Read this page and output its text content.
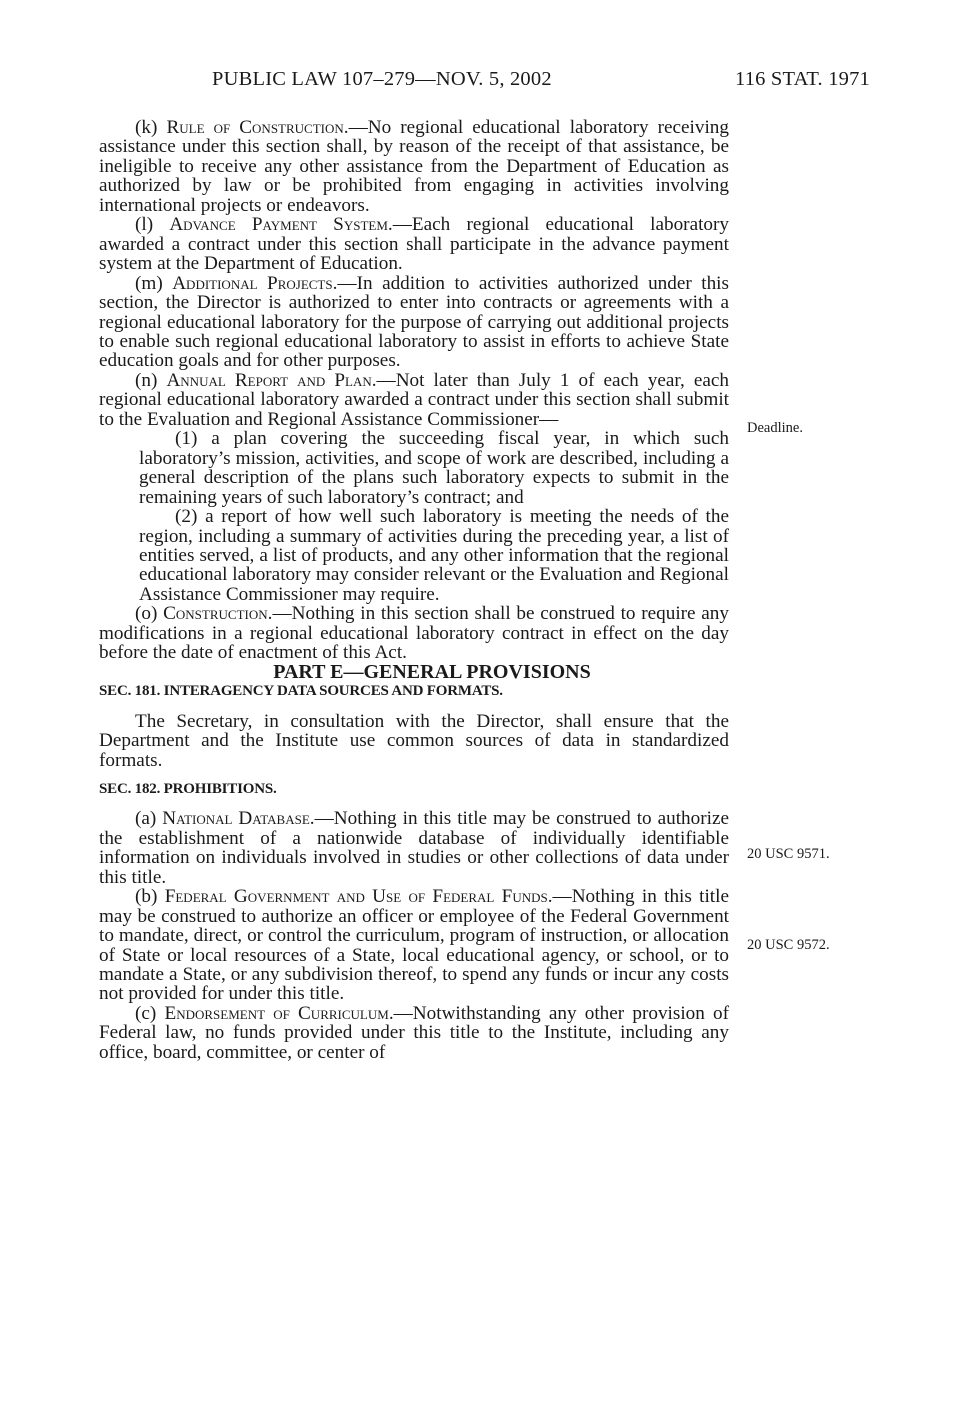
PUBLIC LAW 107–279—NOV. 5, 2002	116 STAT. 1971

(k) Rule of Construction.—No regional educational laboratory receiving assistance under this section shall, by reason of the receipt of that assistance, be ineligible to receive any other assistance from the Department of Education as authorized by law or be prohibited from engaging in activities involving international projects or endeavors.

(l) Advance Payment System.—Each regional educational laboratory awarded a contract under this section shall participate in the advance payment system at the Department of Education.

(m) Additional Projects.—In addition to activities authorized under this section, the Director is authorized to enter into contracts or agreements with a regional educational laboratory for the purpose of carrying out additional projects to enable such regional educational laboratory to assist in efforts to achieve State education goals and for other purposes.

(n) Annual Report and Plan.—Not later than July 1 of each year, each regional educational laboratory awarded a contract under this section shall submit to the Evaluation and Regional Assistance Commissioner—

(1) a plan covering the succeeding fiscal year, in which such laboratory’s mission, activities, and scope of work are described, including a general description of the plans such laboratory expects to submit in the remaining years of such laboratory’s contract; and

(2) a report of how well such laboratory is meeting the needs of the region, including a summary of activities during the preceding year, a list of entities served, a list of products, and any other information that the regional educational laboratory may consider relevant or the Evaluation and Regional Assistance Commissioner may require.

(o) Construction.—Nothing in this section shall be construed to require any modifications in a regional educational laboratory contract in effect on the day before the date of enactment of this Act.

PART E—GENERAL PROVISIONS

SEC. 181. INTERAGENCY DATA SOURCES AND FORMATS.

The Secretary, in consultation with the Director, shall ensure that the Department and the Institute use common sources of data in standardized formats.

SEC. 182. PROHIBITIONS.

(a) National Database.—Nothing in this title may be construed to authorize the establishment of a nationwide database of individually identifiable information on individuals involved in studies or other collections of data under this title.

(b) Federal Government and Use of Federal Funds.—Nothing in this title may be construed to authorize an officer or employee of the Federal Government to mandate, direct, or control the curriculum, program of instruction, or allocation of State or local resources of a State, local educational agency, or school, or to mandate a State, or any subdivision thereof, to spend any funds or incur any costs not provided for under this title.

(c) Endorsement of Curriculum.—Notwithstanding any other provision of Federal law, no funds provided under this title to the Institute, including any office, board, committee, or center of

Deadline.
20 USC 9571.
20 USC 9572.
